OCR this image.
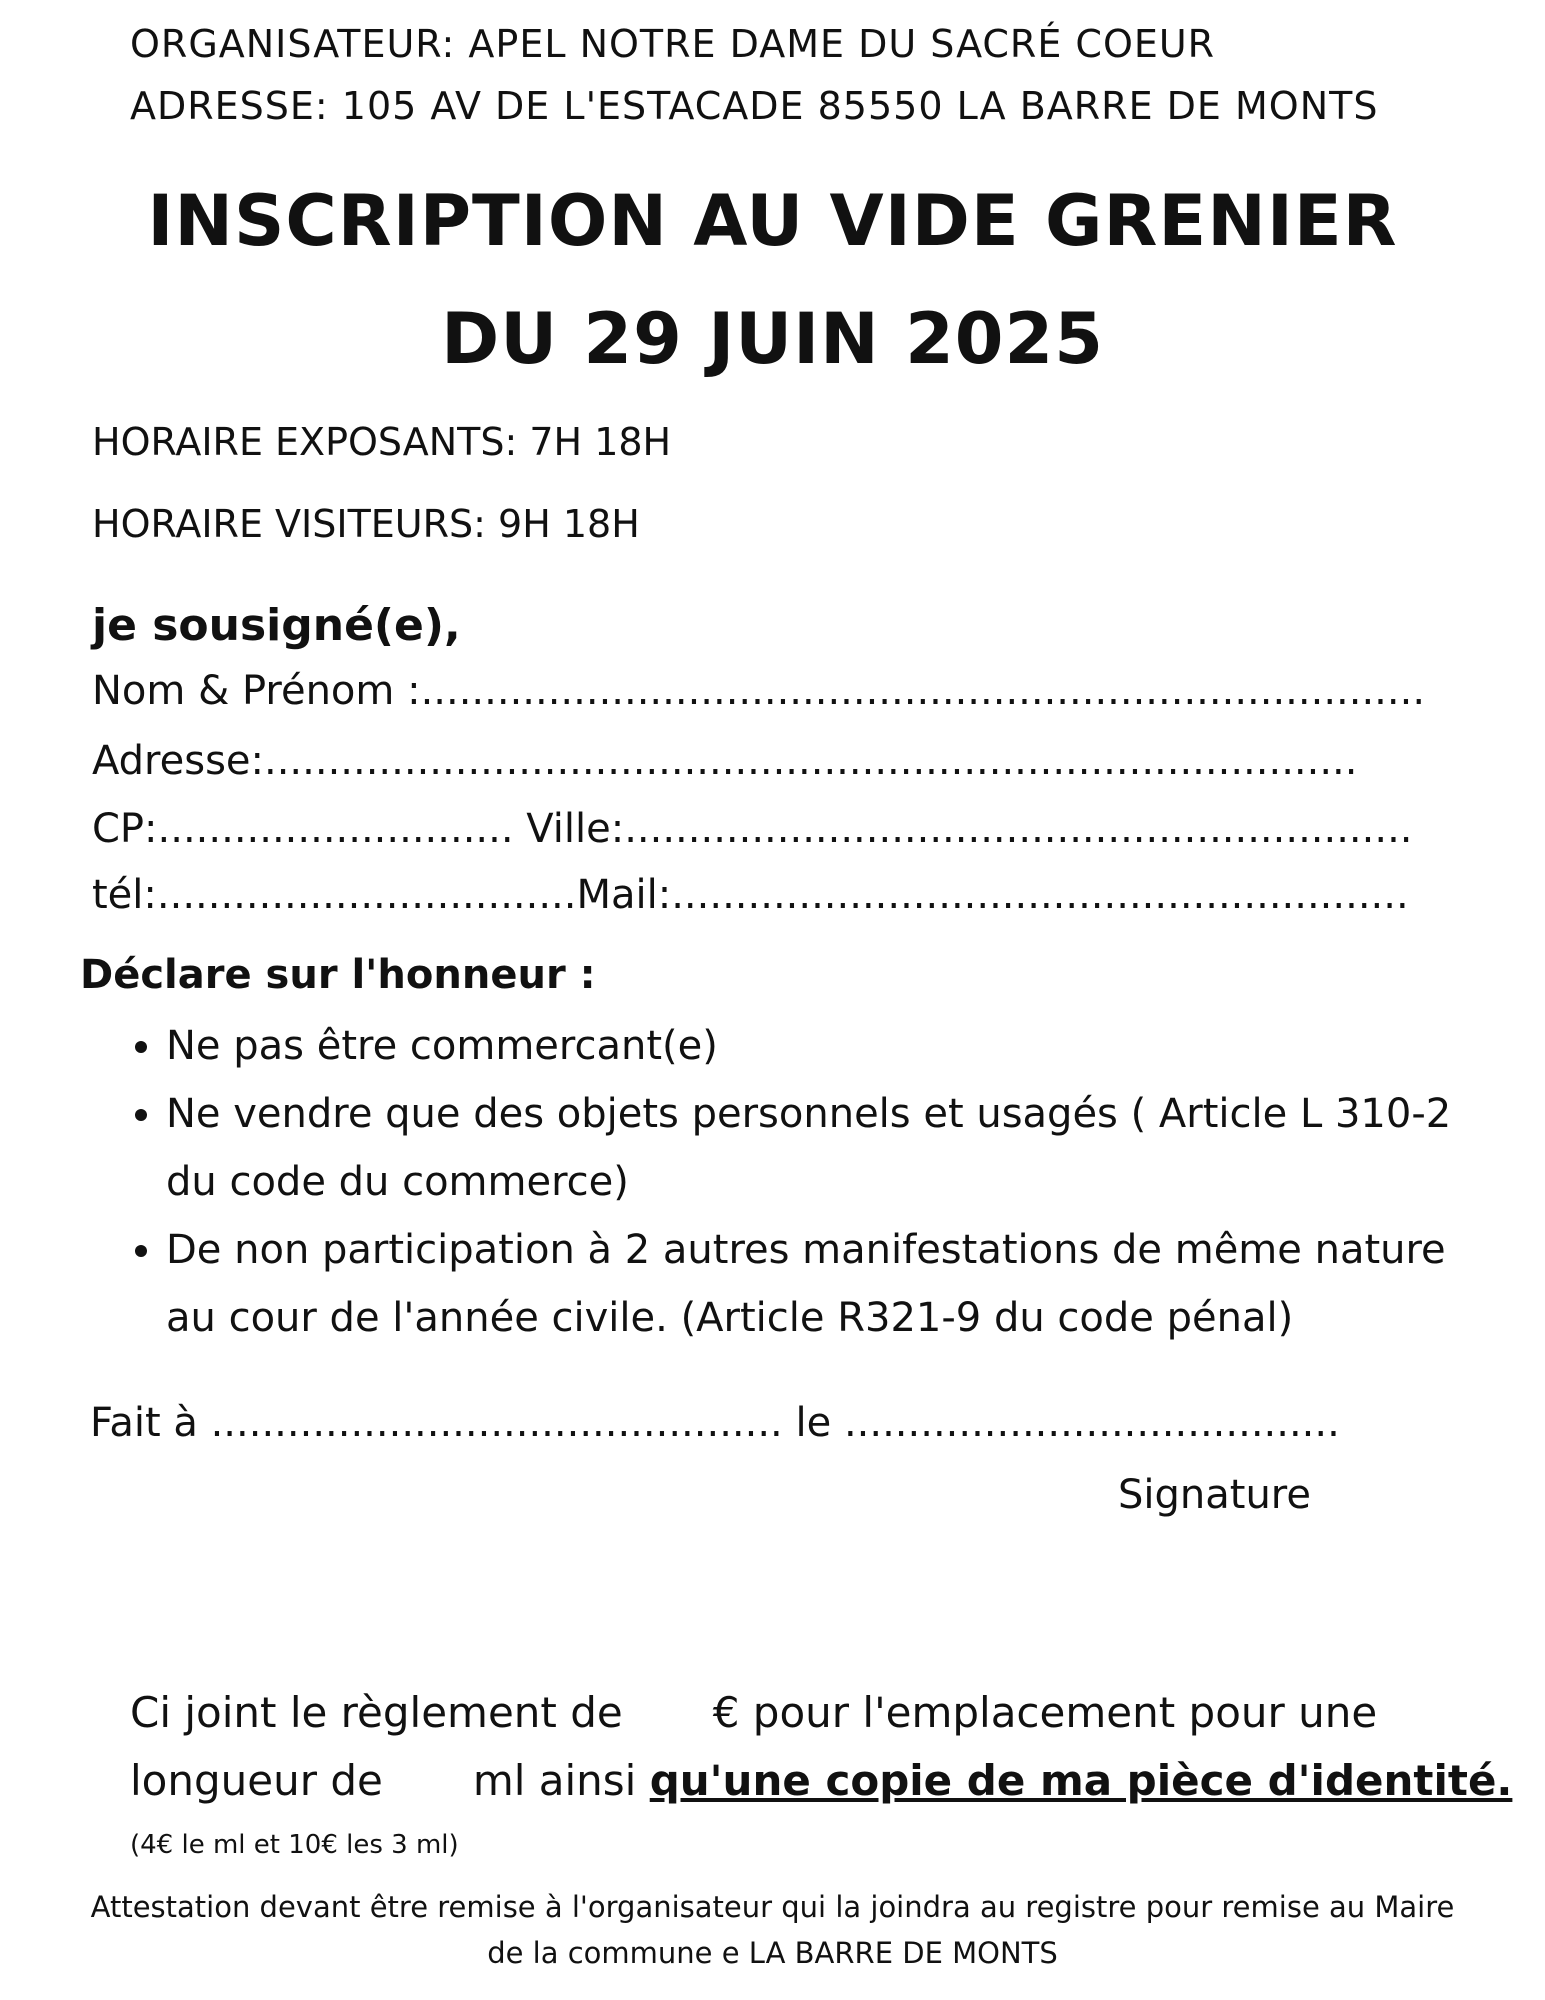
ORGANISATEUR: APEL NOTRE DAME DU SACRÉ COEUR
ADRESSE: 105 AV DE L'ESTACADE 85550 LA BARRE DE MONTS
INSCRIPTION AU VIDE GRENIER
DU 29 JUIN 2025
HORAIRE EXPOSANTS: 7H 18H
HORAIRE VISITEURS: 9H 18H
je sousigné(e),
Nom & Prénom :...............................................................................
Adresse:......................................................................................
CP:............................ Ville:..............................................................
tél:.................................Mail:..........................................................
Déclare sur l'honneur :
• Ne pas être commercant(e)
• Ne vendre que des objets personnels et usagés ( Article L 310-2 du code du commerce)
• De non participation à 2 autres manifestations de même nature au cour de l'année civile. (Article R321-9 du code pénal)
Fait à ............................................. le .......................................
Signature
Ci joint le règlement de € pour l'emplacement pour une
longueur de ml ainsi qu'une copie de ma pièce d'identité.
(4€ le ml et 10€ les 3 ml)
Attestation devant être remise à l'organisateur qui la joindra au registre pour remise au Maire
de la commune e LA BARRE DE MONTS
